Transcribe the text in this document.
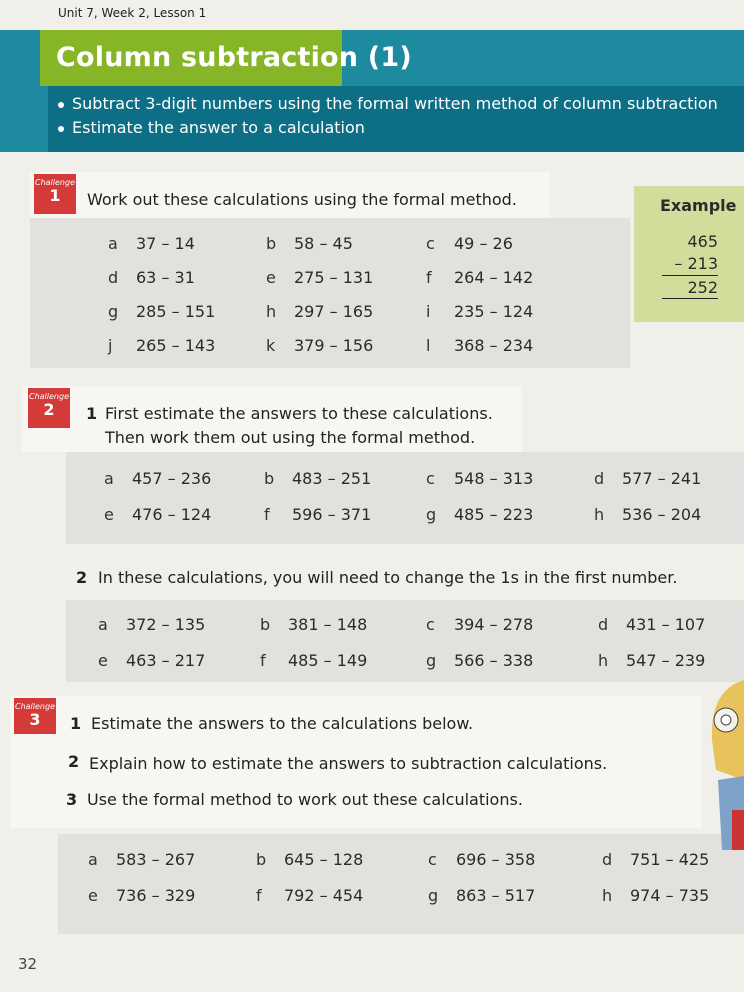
Unit 7, Week 2, Lesson 1
Column subtraction (1)
Subtract 3-digit numbers using the formal written method of column subtraction
Estimate the answer to a calculation
Challenge
1	Work out these calculations using the formal method.
a 37 – 14	b 58 – 45	c 49 – 26
d 63 – 31	e 275 – 131	f 264 – 142
g 285 – 151	h 297 – 165	i 235 – 124
j 265 – 143	k 379 – 156	l 368 – 234
Example
465
– 213
252
Challenge
2	1 First estimate the answers to these calculations.
Then work them out using the formal method.
a 457 – 236	b 483 – 251	c 548 – 313	d 577 – 241
e 476 – 124	f 596 – 371	g 485 – 223	h 536 – 204
2 In these calculations, you will need to change the 1s in the first number.
a 372 – 135	b 381 – 148	c 394 – 278	d 431 – 107
e 463 – 217	f 485 – 149	g 566 – 338	h 547 – 239
Challenge
3	1 Estimate the answers to the calculations below.
2 Explain how to estimate the answers to subtraction calculations.
3 Use the formal method to work out these calculations.
a 583 – 267	b 645 – 128	c 696 – 358	d 751 – 425
e 736 – 329	f 792 – 454	g 863 – 517	h 974 – 735
32
